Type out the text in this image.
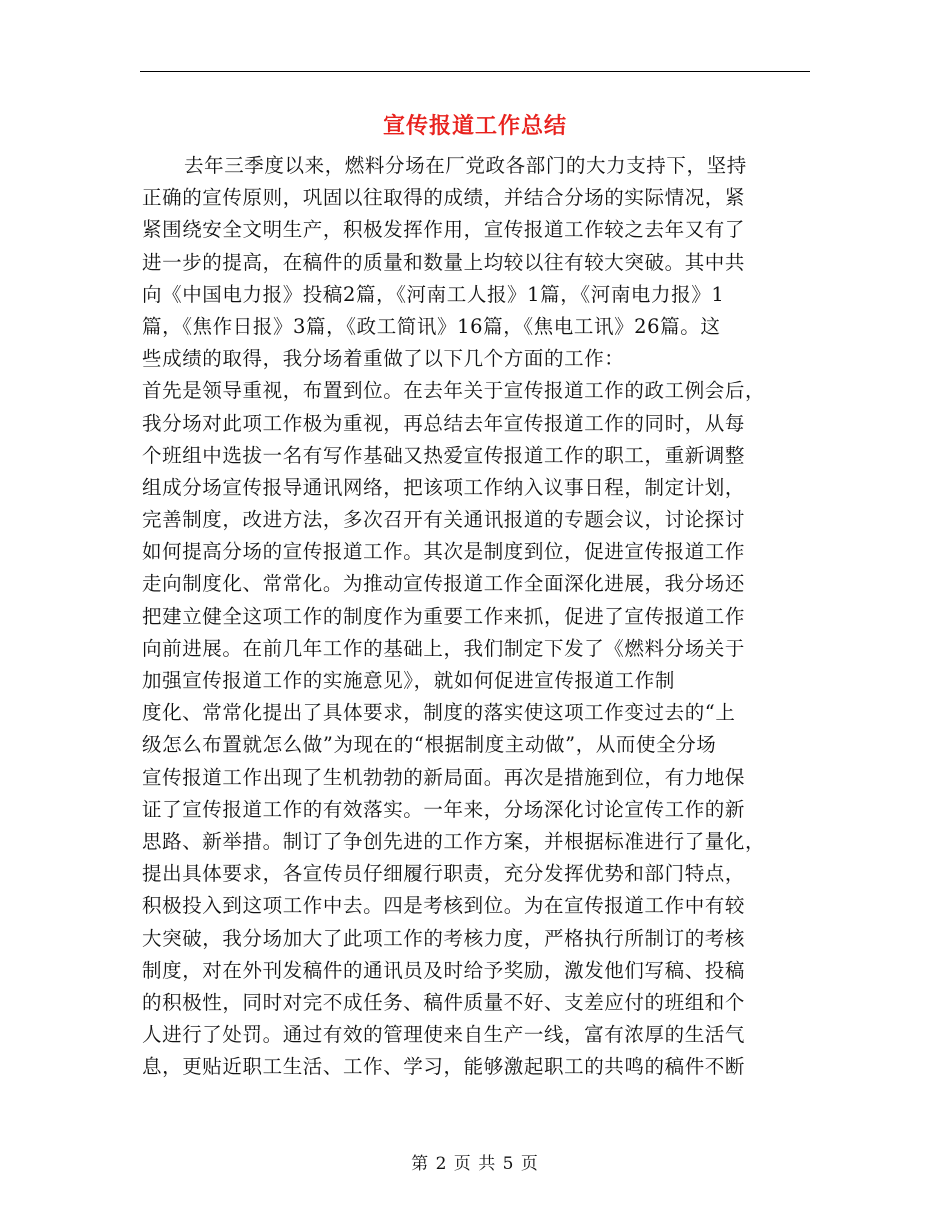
宣传报道工作总结
去年三季度以来，燃料分场在厂党政各部门的大力支持下，坚持
正确的宣传原则，巩固以往取得的成绩，并结合分场的实际情况，紧
紧围绕安全文明生产，积极发挥作用，宣传报道工作较之去年又有了
进一步的提高，在稿件的质量和数量上均较以往有较大突破。其中共
向《中国电力报》投稿2篇，《河南工人报》1篇，《河南电力报》1
篇，《焦作日报》3篇，《政工简讯》16篇，《焦电工讯》26篇。这
些成绩的取得，我分场着重做了以下几个方面的工作：
首先是领导重视，布置到位。在去年关于宣传报道工作的政工例会后，
我分场对此项工作极为重视，再总结去年宣传报道工作的同时，从每
个班组中选拔一名有写作基础又热爱宣传报道工作的职工，重新调整
组成分场宣传报导通讯网络，把该项工作纳入议事日程，制定计划，
完善制度，改进方法，多次召开有关通讯报道的专题会议，讨论探讨
如何提高分场的宣传报道工作。其次是制度到位，促进宣传报道工作
走向制度化、常常化。为推动宣传报道工作全面深化进展，我分场还
把建立健全这项工作的制度作为重要工作来抓，促进了宣传报道工作
向前进展。在前几年工作的基础上，我们制定下发了《燃料分场关于
加强宣传报道工作的实施意见》，就如何促进宣传报道工作制
度化、常常化提出了具体要求，制度的落实使这项工作变过去的“上
级怎么布置就怎么做”为现在的“根据制度主动做”，从而使全分场
宣传报道工作出现了生机勃勃的新局面。再次是措施到位，有力地保
证了宣传报道工作的有效落实。一年来，分场深化讨论宣传工作的新
思路、新举措。制订了争创先进的工作方案，并根据标准进行了量化，
提出具体要求，各宣传员仔细履行职责，充分发挥优势和部门特点，
积极投入到这项工作中去。四是考核到位。为在宣传报道工作中有较
大突破，我分场加大了此项工作的考核力度，严格执行所制订的考核
制度，对在外刊发稿件的通讯员及时给予奖励，激发他们写稿、投稿
的积极性，同时对完不成任务、稿件质量不好、支差应付的班组和个
人进行了处罚。通过有效的管理使来自生产一线，富有浓厚的生活气
息，更贴近职工生活、工作、学习，能够激起职工的共鸣的稿件不断
第 2 页 共 5 页
